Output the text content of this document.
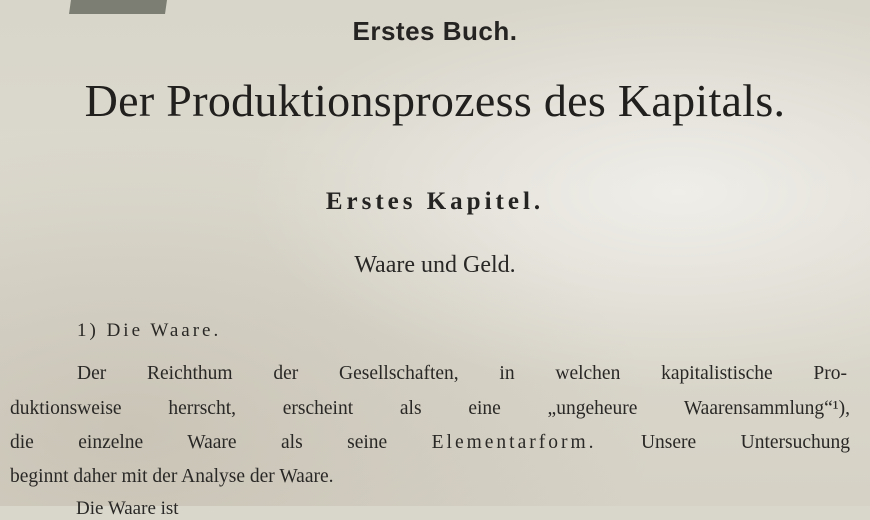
Erstes Buch.
Der Produktionsprozess des Kapitals.
Erstes Kapitel.
Waare und Geld.
1) Die Waare.
Der Reichthum der Gesellschaften, in welchen kapitalistische Pro-
duktionsweise herrscht, erscheint als eine „ungeheure Waarensammlung“¹),
die einzelne Waare als seine Elementarform. Unsere Untersuchung
beginnt daher mit der Analyse der Waare.
Die Waare ist
